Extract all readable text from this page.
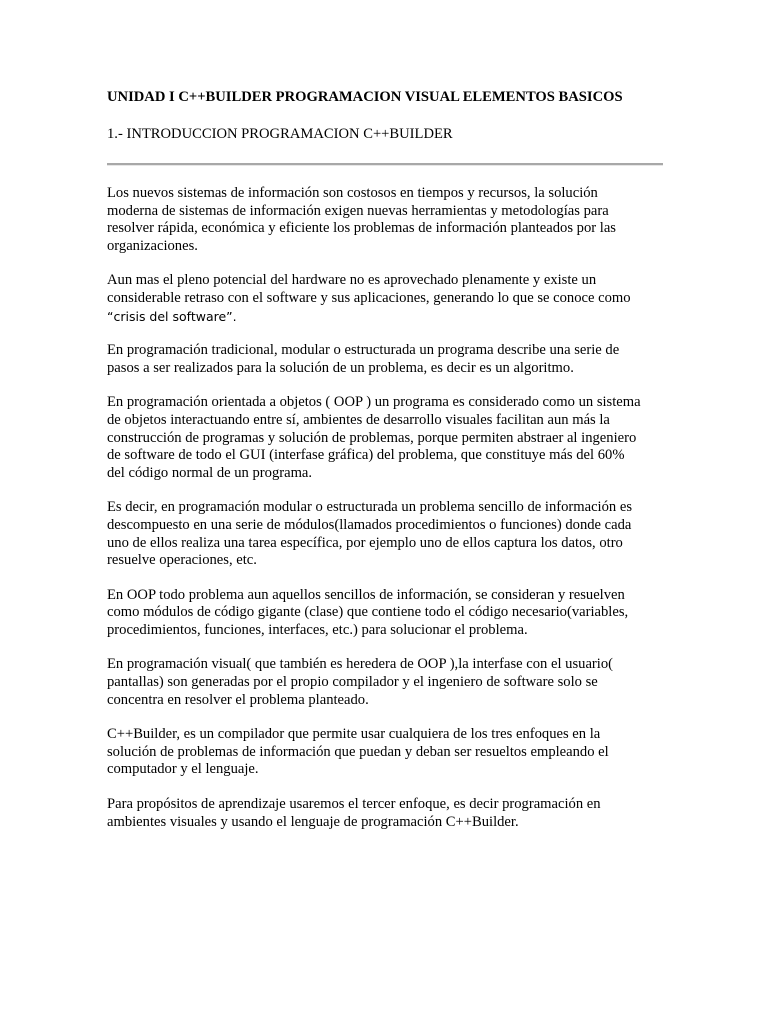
UNIDAD I C++BUILDER PROGRAMACION VISUAL ELEMENTOS BASICOS
1.- INTRODUCCION PROGRAMACION C++BUILDER

Los nuevos sistemas de información son costosos en tiempos y recursos, la solución
moderna de sistemas de información exigen nuevas herramientas y metodologías para
resolver rápida, económica y eficiente los problemas de información planteados por las
organizaciones.

Aun mas el pleno potencial del hardware no es aprovechado plenamente y existe un
considerable retraso con el software y sus aplicaciones, generando lo que se conoce como
“crisis del software”.

En programación tradicional, modular o estructurada un programa describe una serie de
pasos a ser realizados para la solución de un problema, es decir es un algoritmo.

En programación orientada a objetos ( OOP ) un programa es considerado como un sistema
de objetos interactuando entre sí, ambientes de desarrollo visuales facilitan aun más la
construcción de programas y solución de problemas, porque permiten abstraer al ingeniero
de software de todo el GUI (interfase gráfica) del problema, que constituye más del 60%
del código normal de un programa.

Es decir, en programación modular o estructurada un problema sencillo de información es
descompuesto en una serie de módulos(llamados procedimientos o funciones) donde cada
uno de ellos realiza una tarea específica, por ejemplo uno de ellos captura los datos, otro
resuelve operaciones, etc.

En OOP todo problema aun aquellos sencillos de información, se consideran y resuelven
como módulos de código gigante (clase) que contiene todo el código necesario(variables,
procedimientos, funciones, interfaces, etc.) para solucionar el problema.

En programación visual( que también es heredera de OOP ),la interfase con el usuario(
pantallas) son generadas por el propio compilador y el ingeniero de software solo se
concentra en resolver el problema planteado.

C++Builder, es un compilador que permite usar cualquiera de los tres enfoques en la
solución de problemas de información que puedan y deban ser resueltos empleando el
computador y el lenguaje.

Para propósitos de aprendizaje usaremos el tercer enfoque, es decir programación en
ambientes visuales y usando el lenguaje de programación C++Builder.
